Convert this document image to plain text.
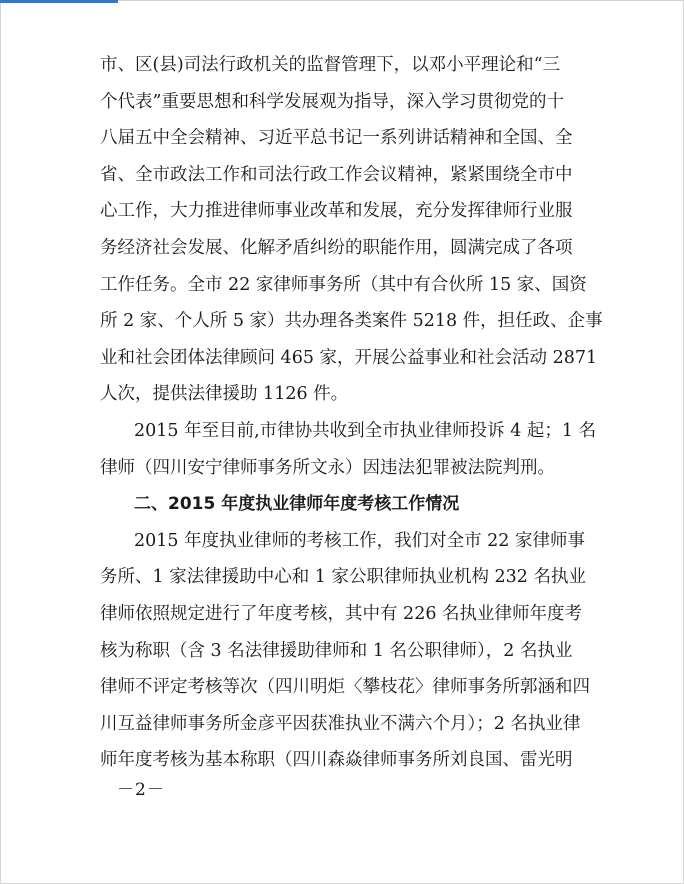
市、区(县)司法行政机关的监督管理下，以邓小平理论和“三
个代表”重要思想和科学发展观为指导，深入学习贯彻党的十
八届五中全会精神、习近平总书记一系列讲话精神和全国、全
省、全市政法工作和司法行政工作会议精神，紧紧围绕全市中
心工作，大力推进律师事业改革和发展，充分发挥律师行业服
务经济社会发展、化解矛盾纠纷的职能作用，圆满完成了各项
工作任务。全市 22 家律师事务所（其中有合伙所 15 家、国资
所 2 家、个人所 5 家）共办理各类案件 5218 件，担任政、企事
业和社会团体法律顾问 465 家，开展公益事业和社会活动 2871
人次，提供法律援助 1126 件。
2015 年至目前,市律协共收到全市执业律师投诉 4 起；1 名
律师（四川安宁律师事务所文永）因违法犯罪被法院判刑。
二、2015 年度执业律师年度考核工作情况
2015 年度执业律师的考核工作，我们对全市 22 家律师事
务所、1 家法律援助中心和 1 家公职律师执业机构 232 名执业
律师依照规定进行了年度考核，其中有 226 名执业律师年度考
核为称职（含 3 名法律援助律师和 1 名公职律师），2 名执业
律师不评定考核等次（四川明炬〈攀枝花〉律师事务所郭涵和四
川互益律师事务所金彦平因获准执业不满六个月）；2 名执业律
师年度考核为基本称职（四川森焱律师事务所刘良国、雷光明
－2－
